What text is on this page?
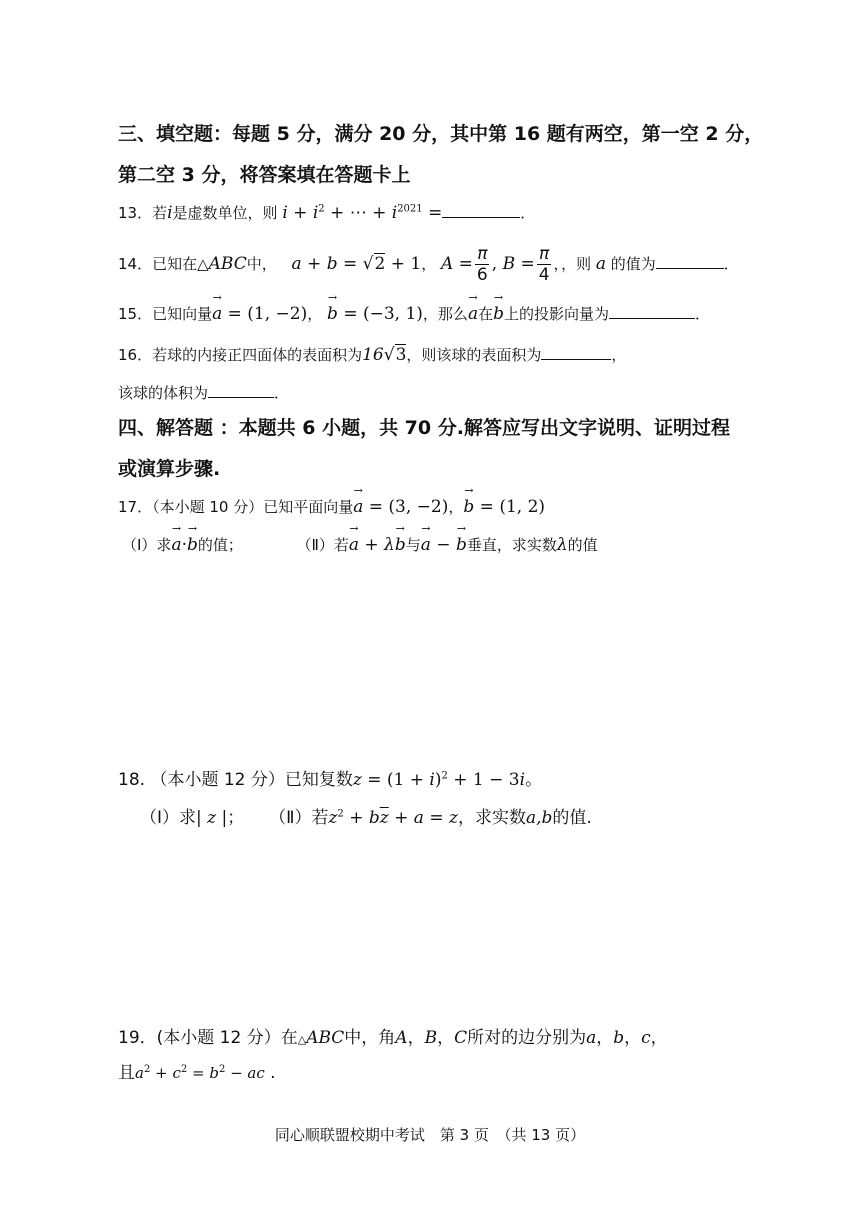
三、填空题：每题 5 分，满分 20 分，其中第 16 题有两空，第一空 2 分，
第二空 3 分，将答案填在答题卡上
13．若i是虚数单位，则 $i + i^2$ + ⋯ + $i^{2021}$ =	．
14．已知在△ABC中， a + b = √2 + 1， $A = \frac{\pi}{6}$ , $B = \frac{\pi}{4}$ ，，则 a 的值为	．
15．已知向量→ a = (1, −2)， → b = (−3, 1)，那么→ a在→ b上的投影向量为	．
16．若球的内接正四面体的表面积为16√3，则该球的表面积为	，
该球的体积为	．
四、解答题 ：本题共 6 小题，共 70 分.解答应写出文字说明、证明过程
或演算步骤.
17．（本小题 10 分）已知平面向量→ a = (3, −2)，→ b = (1, 2)
（Ⅰ）求→ a·→ b的值；	（Ⅱ）若→ a + λ→ b与→ a − → b垂直，求实数λ的值
18. （本小题 12 分）已知复数$z = (1 + i)^2 + 1 - 3i$。
（Ⅰ）求| z |； （Ⅱ）若$z^2 + b\overline{z} + a = z$，求实数a,b的值.
19．(本小题 12 分）在△ABC中，角A，B，C所对的边分别为a，b，c，
且$a^2 + c^2 = b^2$ − ac .
同心顺联盟校期中考试　第 3 页　（共 13 页）
